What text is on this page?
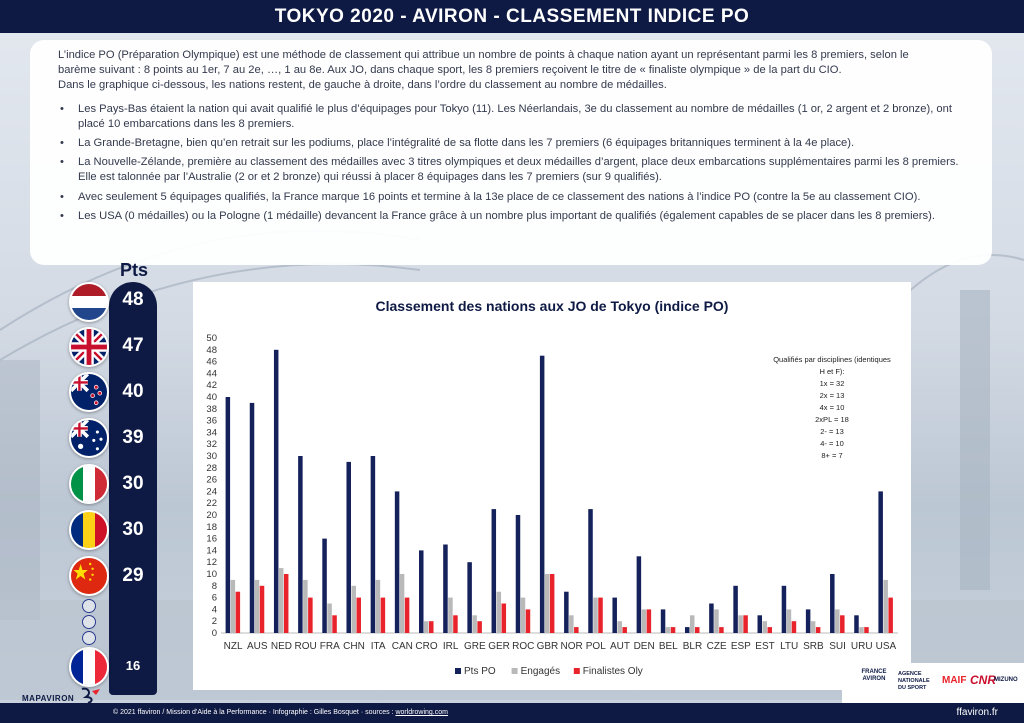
TOKYO 2020 - AVIRON - CLASSEMENT INDICE PO

L’indice PO (Préparation Olympique) est une méthode de classement qui attribue un nombre de points à chaque nation ayant un représentant parmi les 8 premiers, selon le

barème suivant : 8 points au 1er, 7 au 2e, …, 1 au 8e. Aux JO, dans chaque sport, les 8 premiers reçoivent le titre de « finaliste olympique » de la part du CIO.

Dans le graphique ci-dessous, les nations restent, de gauche à droite, dans l’ordre du classement au nombre de médailles.

• Les Pays-Bas étaient la nation qui avait qualifié le plus d’équipages pour Tokyo (11). Les Néerlandais, 3e du classement au nombre de médailles (1 or, 2 argent et 2 bronze), ont placé 10 embarcations dans les 8 premiers.
• La Grande-Bretagne, bien qu’en retrait sur les podiums, place l’intégralité de sa flotte dans les 7 premiers (6 équipages britanniques terminent à la 4e place).
• La Nouvelle-Zélande, première au classement des médailles avec 3 titres olympiques et deux médailles d’argent, place deux embarcations supplémentaires parmi les 8 premiers. Elle est talonnée par l’Australie (2 or et 2 bronze) qui réussi à placer 8 équipages dans les 7 premiers (sur 9 qualifiés).
• Avec seulement 5 équipages qualifiés, la France marque 16 points et termine à la 13e place de ce classement des nations à l’indice PO (contre la 5e au classement CIO).
• Les USA (0 médailles) ou la Pologne (1 médaille) devancent la France grâce à un nombre plus important de qualifiés (également capables de se placer dans les 8 premiers).
Pts
48
47
40
39
30
30
29
16
0
2
4
6
8
10
12
14
16
18
20
22
24
26
28
30
32
34
36
38
40
42
44
46
48
50
NZL AUS NED ROU FRA CHN ITA CAN CRO IRL GRE GER ROC GBR NOR POL AUT DEN BEL BLR CZE ESP EST LTU SRB SUI URU USA
Pts PO Engagés Finalistes Oly
Classement des nations aux JO de Tokyo (indice PO)
Qualifiés par disciplines (identiques H et F):
1x = 32
2x = 13
4x = 10
2xPL = 18
2- = 13
4- = 10
8+ = 7
FRANCE AVIRON
AGENCE NATIONALE DU SPORT
MAIF CNR
MIZUNO
MAPAVIRON
© 2021 ffaviron / Mission d’Aide à la Performance · Infographie : Gilles Bosquet · sources : worldrowing.com	ffaviron.fr
